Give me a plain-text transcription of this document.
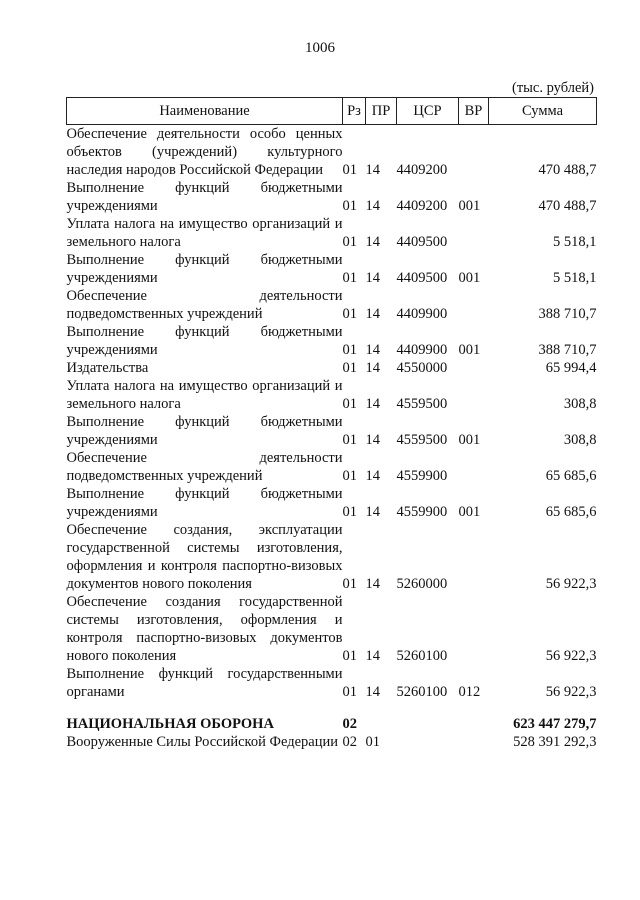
1006
(тыс. рублей)
Наименование	Рз	ПР	ЦСР	ВР	Сумма
Обеспечение деятельности особо ценных объектов (учреждений) культурного наследия народов Российской Федерации	01	14	4409200		470 488,7
Выполнение функций бюджетными учреждениями	01	14	4409200	001	470 488,7
Уплата налога на имущество организаций и земельного налога	01	14	4409500		5 518,1
Выполнение функций бюджетными учреждениями	01	14	4409500	001	5 518,1
Обеспечение деятельности подведомственных учреждений	01	14	4409900		388 710,7
Выполнение функций бюджетными учреждениями	01	14	4409900	001	388 710,7
Издательства	01	14	4550000		65 994,4
Уплата налога на имущество организаций и земельного налога	01	14	4559500		308,8
Выполнение функций бюджетными учреждениями	01	14	4559500	001	308,8
Обеспечение деятельности подведомственных учреждений	01	14	4559900		65 685,6
Выполнение функций бюджетными учреждениями	01	14	4559900	001	65 685,6
Обеспечение создания, эксплуатации государственной системы изготовления, оформления и контроля паспортно-визовых документов нового поколения	01	14	5260000		56 922,3
Обеспечение создания государственной системы изготовления, оформления и контроля паспортно-визовых документов нового поколения	01	14	5260100		56 922,3
Выполнение функций государственными органами	01	14	5260100	012	56 922,3

НАЦИОНАЛЬНАЯ ОБОРОНА	02				623 447 279,7
Вооруженные Силы Российской Федерации	02	01			528 391 292,3
